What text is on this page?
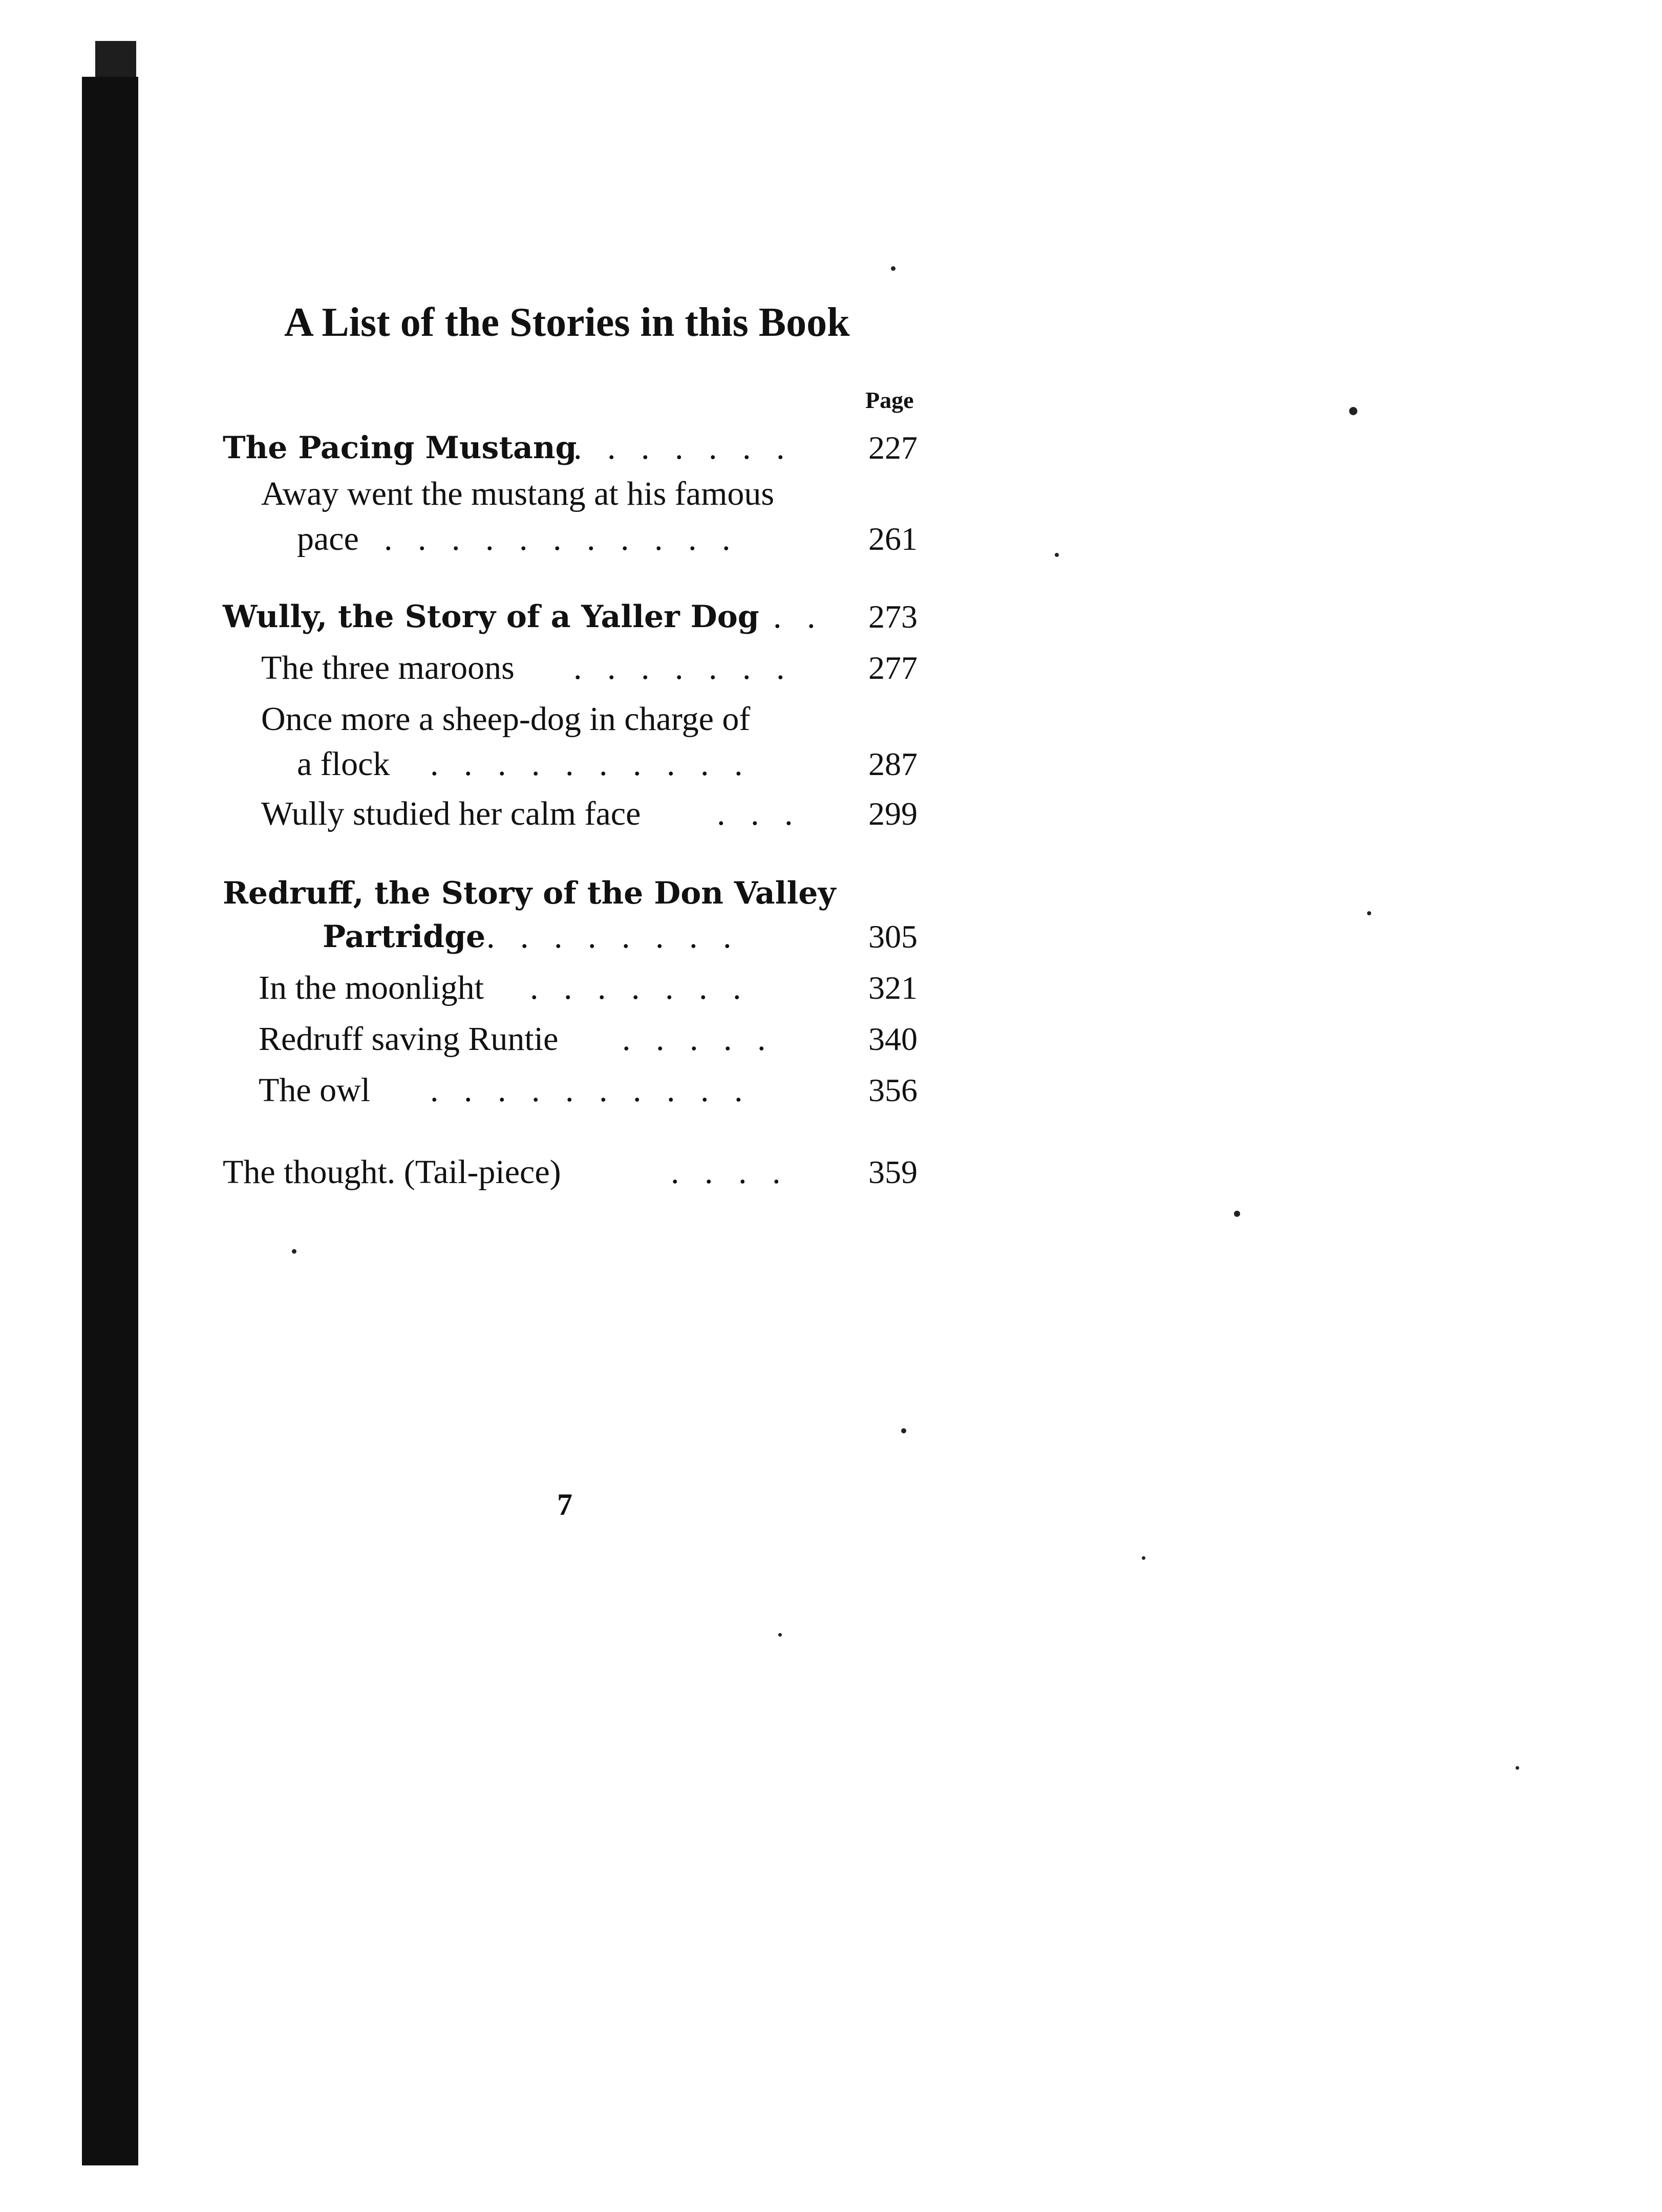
A List of the Stories in this Book
Page
The Pacing Mustang
.   .   .   .   .   .   .	227
Away went the mustang at his famous
pace .   .   .   .   .   .   .   .   .   .   .	261
Wully, the Story of a Yaller Dog .   .	273
The three maroons .   .   .   .   .   .   .	277
Once more a sheep-dog in charge of
a flock .   .   .   .   .   .   .   .   .   .	287
Wully studied her calm face .   .   .	299
Redruff, the Story of the Don Valley
Partridge .   .   .   .   .   .   .   .	305
In the moonlight .   .   .   .   .   .   .	321
Redruff saving Runtie .   .   .   .   .	340
The owl .   .   .   .   .   .   .   .   .   .	356
The thought. (Tail-piece)	.   .   .   .	359
7
